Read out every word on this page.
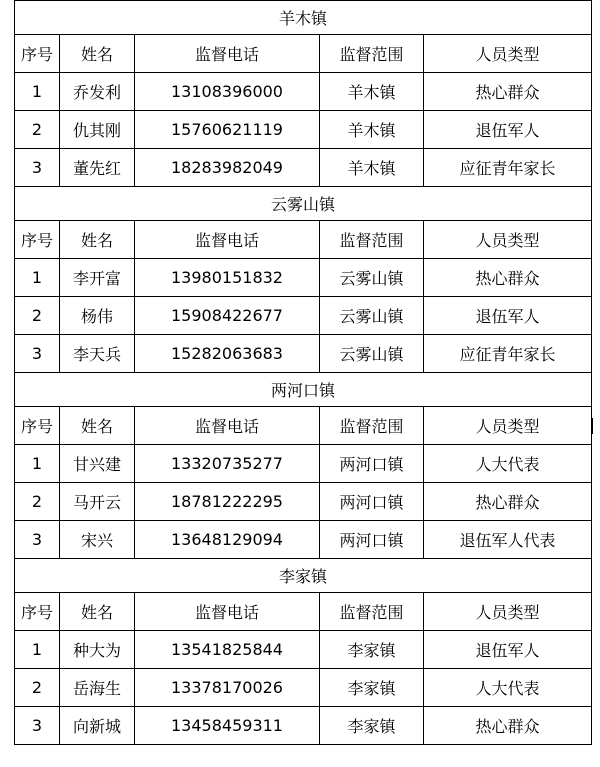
羊木镇				
序号	姓名	监督电话	监督范围	人员类型
1	乔发利	13108396000	羊木镇	热心群众
2	仇其刚	15760621119	羊木镇	退伍军人
3	董先红	18283982049	羊木镇	应征青年家长
云雾山镇				
序号	姓名	监督电话	监督范围	人员类型
1	李开富	13980151832	云雾山镇	热心群众
2	杨伟	15908422677	云雾山镇	退伍军人
3	李天兵	15282063683	云雾山镇	应征青年家长
两河口镇				
序号	姓名	监督电话	监督范围	人员类型
1	甘兴建	13320735277	两河口镇	人大代表
2	马开云	18781222295	两河口镇	热心群众
3	宋兴	13648129094	两河口镇	退伍军人代表
李家镇				
序号	姓名	监督电话	监督范围	人员类型
1	种大为	13541825844	李家镇	退伍军人
2	岳海生	13378170026	李家镇	人大代表
3	向新城	13458459311	李家镇	热心群众
